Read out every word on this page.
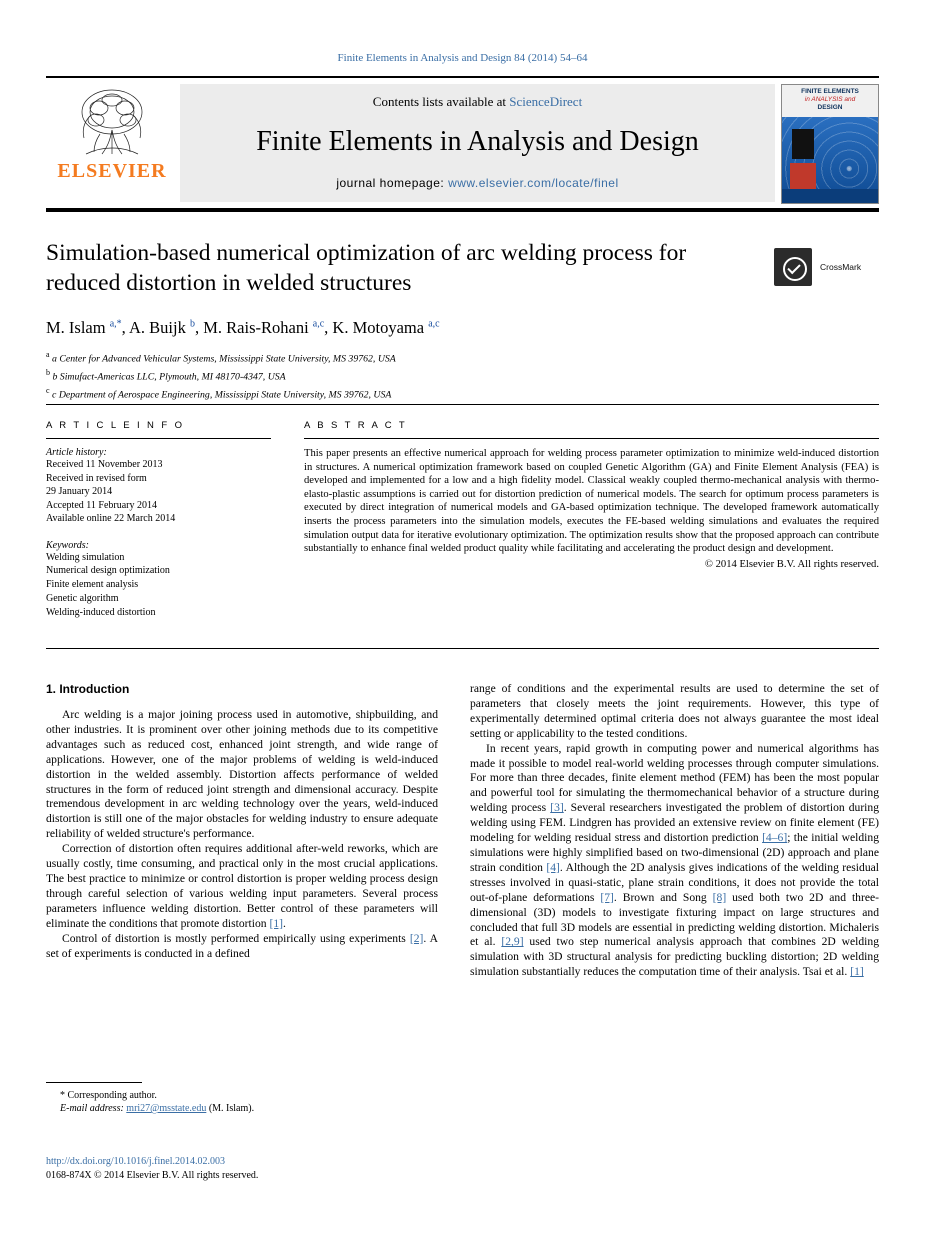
Finite Elements in Analysis and Design 84 (2014) 54–64
ELSEVIER
Contents lists available at ScienceDirect
Finite Elements in Analysis and Design
journal homepage: www.elsevier.com/locate/finel
FINITE ELEMENTS
in ANALYSIS and
DESIGN
Simulation-based numerical optimization of arc welding process for reduced distortion in welded structures
CrossMark
M. Islam $^{a,*}$, A. Buijk $^b$, M. Rais-Rohani $^{a,c}$, K. Motoyama $^{a,c}$
$^a$ a Center for Advanced Vehicular Systems, Mississippi State University, MS 39762, USA
$^b$ b Simufact-Americas LLC, Plymouth, MI 48170-4347, USA
$^c$ c Department of Aerospace Engineering, Mississippi State University, MS 39762, USA
A R T I C L E I N F O
Article history:
Received 11 November 2013
Received in revised form
29 January 2014
Accepted 11 February 2014
Available online 22 March 2014
Keywords:
Welding simulation
Numerical design optimization
Finite element analysis
Genetic algorithm
Welding-induced distortion
A B S T R A C T
This paper presents an effective numerical approach for welding process parameter optimization to minimize weld-induced distortion in structures. A numerical optimization framework based on coupled Genetic Algorithm (GA) and Finite Element Analysis (FEA) is developed and implemented for a low and a high fidelity model. Classical weakly coupled thermo-mechanical analysis with thermo-elasto-plastic assumptions is carried out for distortion prediction of numerical models. The search for optimum process parameters is executed by direct integration of numerical models and GA-based optimization technique. The developed framework automatically inserts the process parameters into the simulation models, executes the FE-based welding simulations and evaluates the required simulation output data for iterative evolutionary optimization. The optimization results show that the proposed approach can contribute substantially to enhance final welded product quality while facilitating and accelerating the product design and development.
© 2014 Elsevier B.V. All rights reserved.
1. Introduction

Arc welding is a major joining process used in automotive, shipbuilding, and other industries. It is prominent over other joining methods due to its competitive advantages such as reduced cost, enhanced joint strength, and wide range of applications. However, one of the major problems of welding is weld-induced distortion in the welded assembly. Distortion affects performance of welded structures in the form of reduced joint strength and dimensional accuracy. Despite tremendous development in arc welding technology over the years, weld-induced distortion is still one of the major obstacles for welding industry to ensure adequate reliability of welded structure's performance.

Correction of distortion often requires additional after-weld reworks, which are usually costly, time consuming, and practical only in the most crucial applications. The best practice to minimize or control distortion is proper welding process design through careful selection of various welding input parameters. Several process parameters influence welding distortion. Better control of these parameters will eliminate the conditions that promote distortion [1].

Control of distortion is mostly performed empirically using experiments [2]. A set of experiments is conducted in a defined

range of conditions and the experimental results are used to determine the set of parameters that closely meets the joint requirements. However, this type of experimentally determined optimal criteria does not always guarantee the most ideal setting or applicability to the tested conditions.

In recent years, rapid growth in computing power and numerical algorithms has made it possible to model real-world welding processes through computer simulations. For more than three decades, finite element method (FEM) has been the most popular and powerful tool for simulating the thermomechanical behavior of a structure during welding process [3]. Several researchers investigated the problem of distortion during welding using FEM. Lindgren has provided an extensive review on finite element (FE) modeling for welding residual stress and distortion prediction [4–6]; the initial welding simulations were highly simplified based on two-dimensional (2D) approach and plane strain condition [4]. Although the 2D analysis gives indications of the welding residual stresses involved in quasi-static, plane strain conditions, it does not provide the total out-of-plane deformations [7]. Brown and Song [8] used both two 2D and three-dimensional (3D) models to investigate fixturing impact on large structures and concluded that full 3D models are essential in predicting welding distortion. Michaleris et al. [2,9] used two step numerical analysis approach that combines 2D welding simulation with 3D structural analysis for predicting buckling distortion; 2D welding simulation substantially reduces the computation time of their analysis. Tsai et al. [1]

* Corresponding author.
E-mail address: mri27@msstate.edu (M. Islam).
http://dx.doi.org/10.1016/j.finel.2014.02.003
0168-874X © 2014 Elsevier B.V. All rights reserved.
